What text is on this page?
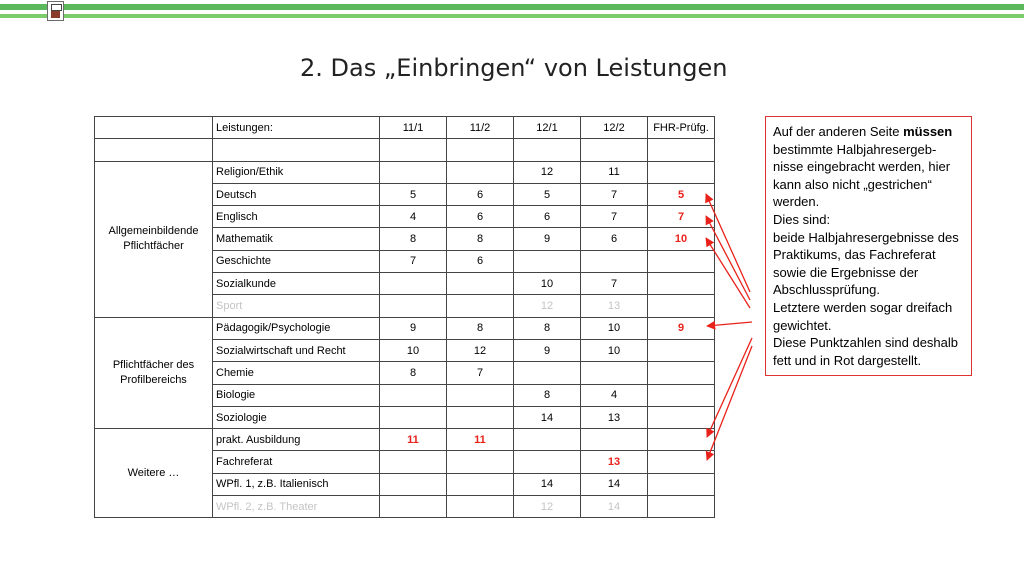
2. Das „Einbringen“ von Leistungen
	Leistungen:	11/1	11/2	12/1	12/2	FHR-Prüfg.

Allgemeinbildende Pflichtfächer	Religion/Ethik			12	11	
	Deutsch	5	6	5	7	5
	Englisch	4	6	6	7	7
	Mathematik	8	8	9	6	10
	Geschichte	7	6			
	Sozialkunde			10	7	
	Sport			12	13	
Pflichtfächer des Profilbereichs	Pädagogik/Psychologie	9	8	8	10	9
	Sozialwirtschaft und Recht	10	12	9	10	
	Chemie	8	7			
	Biologie			8	4	
	Soziologie			14	13	
Weitere …	prakt. Ausbildung	11	11			
	Fachreferat				13	
	WPfl. 1, z.B. Italienisch			14	14	
	WPfl. 2, z.B. Theater			12	14	

Auf der anderen Seite müssen bestimmte Halbjahresergeb-nisse eingebracht werden, hier kann also nicht „gestrichen“ werden.

Dies sind:

beide Halbjahresergebnisse des Praktikums, das Fachreferat sowie die Ergebnisse der Abschlussprüfung.

Letztere werden sogar dreifach gewichtet.

Diese Punktzahlen sind deshalb fett und in Rot dargestellt.
